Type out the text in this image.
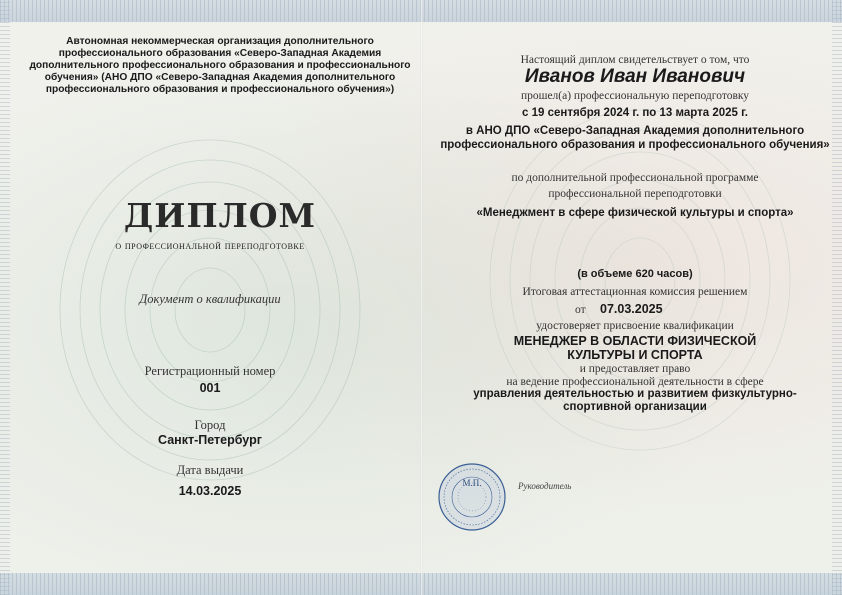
Автономная некоммерческая организация дополнительного профессионального образования «Северо-Западная Академия дополнительного профессионального образования и профессионального обучения» (АНО ДПО «Северо-Западная Академия дополнительного профессионального образования и профессионального обучения»)
ДИПЛОМ
о профессиональной переподготовке
Документ о квалификации
Регистрационный номер
001
Город
Санкт-Петербург
Дата выдачи
14.03.2025
Настоящий диплом свидетельствует о том, что
Иванов Иван Иванович
прошел(а) профессиональную переподготовку
с 19 сентября 2024 г. по 13 марта 2025 г.
в АНО ДПО «Северо-Западная Академия дополнительного профессионального образования и профессионального обучения»
по дополнительной профессиональной программе
профессиональной переподготовки
«Менеджмент в сфере физической культуры и спорта»
(в объеме 620 часов)
Итоговая аттестационная комиссия решением
от 07.03.2025
удостоверяет присвоение квалификации
МЕНЕДЖЕР В ОБЛАСТИ ФИЗИЧЕСКОЙ КУЛЬТУРЫ И СПОРТА
и предоставляет право
на ведение профессиональной деятельности в сфере
управления деятельностью и развитием физкультурно-спортивной организации
М.П.	Руководитель
